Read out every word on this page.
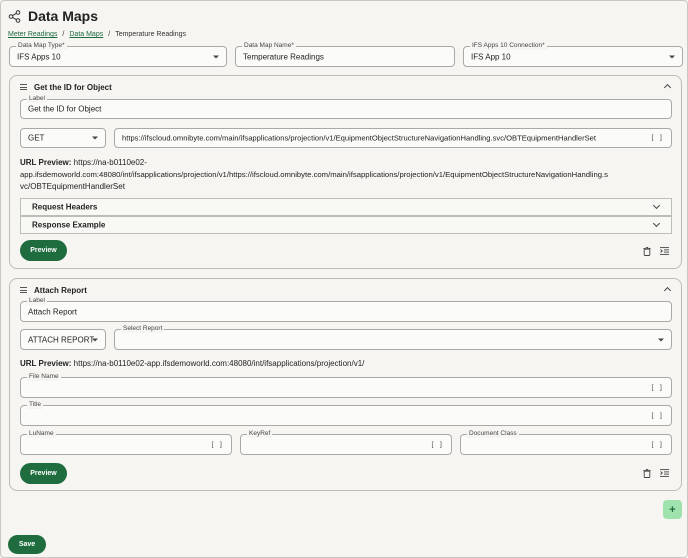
Data Maps
Meter Readings / Data Maps / Temperature Readings
Data Map Type*
IFS Apps 10
Data Map Name*
Temperature Readings
IFS Apps 10 Connection*
IFS App 10
Get the ID for Object
Label
Get the ID for Object
GET	https://ifscloud.omnibyte.com/main/ifsapplications/projection/v1/EquipmentObjectStructureNavigationHandling.svc/OBTEquipmentHandlerSet	[ ]
URL Preview: https://na-b0110e02-
app.ifsdemoworld.com:48080/int/ifsapplications/projection/v1/https://ifscloud.omnibyte.com/main/ifsapplications/projection/v1/EquipmentObjectStructureNavigationHandling.s
vc/OBTEquipmentHandlerSet
Request Headers
Response Example
Preview
Attach Report
Label
Attach Report
ATTACH REPORT
Select Report
URL Preview: https://na-b0110e02-app.ifsdemoworld.com:48080/int/ifsapplications/projection/v1/
File Name
[ ]
Title
[ ]
LuName
[ ]
KeyRef
[ ]
Document Class
[ ]
Preview
+
Save
